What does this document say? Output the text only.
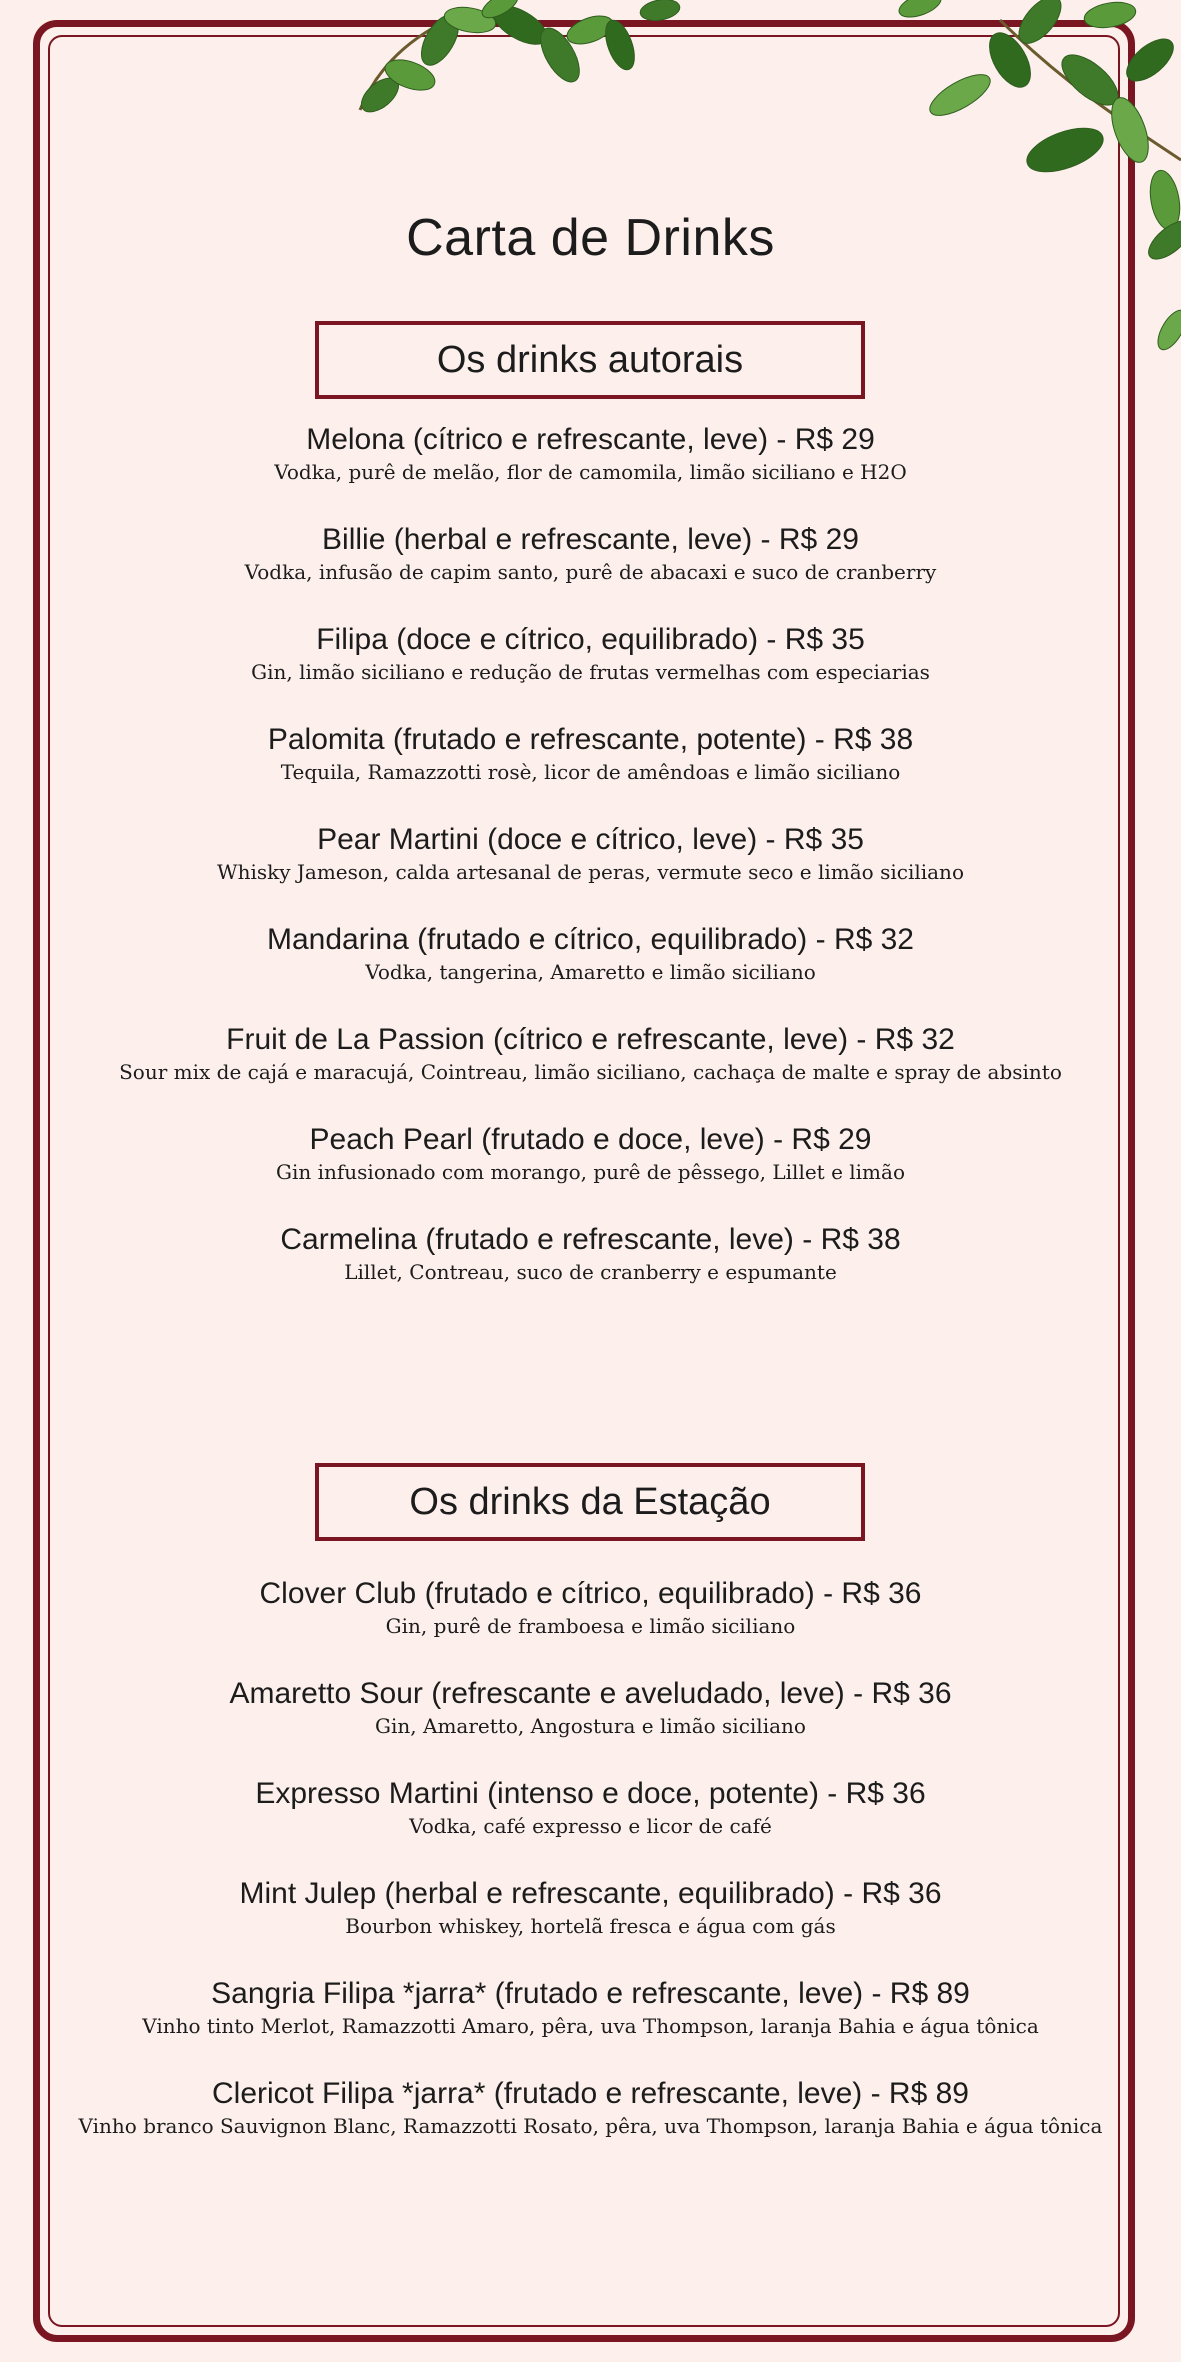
Carta de Drinks
Os drinks autorais
Melona (cítrico e refrescante, leve) - R$ 29
Vodka, purê de melão, flor de camomila, limão siciliano e H2O
Billie (herbal e refrescante, leve) - R$ 29
Vodka, infusão de capim santo, purê de abacaxi e suco de cranberry
Filipa (doce e cítrico, equilibrado) - R$ 35
Gin, limão siciliano e redução de frutas vermelhas com especiarias
Palomita (frutado e refrescante, potente) - R$ 38
Tequila, Ramazzotti rosè, licor de amêndoas e limão siciliano
Pear Martini (doce e cítrico, leve) - R$ 35
Whisky Jameson, calda artesanal de peras, vermute seco e limão siciliano
Mandarina (frutado e cítrico, equilibrado) - R$ 32
Vodka, tangerina, Amaretto e limão siciliano
Fruit de La Passion (cítrico e refrescante, leve) - R$ 32
Sour mix de cajá e maracujá, Cointreau, limão siciliano, cachaça de malte e spray de absinto
Peach Pearl (frutado e doce, leve) - R$ 29
Gin infusionado com morango, purê de pêssego, Lillet e limão
Carmelina (frutado e refrescante, leve) - R$ 38
Lillet, Contreau, suco de cranberry e espumante
Os drinks da Estação
Clover Club (frutado e cítrico, equilibrado) - R$ 36
Gin, purê de framboesa e limão siciliano
Amaretto Sour (refrescante e aveludado, leve) - R$ 36
Gin, Amaretto, Angostura e limão siciliano
Expresso Martini (intenso e doce, potente) - R$ 36
Vodka, café expresso e licor de café
Mint Julep (herbal e refrescante, equilibrado) - R$ 36
Bourbon whiskey, hortelã fresca e água com gás
Sangria Filipa *jarra* (frutado e refrescante, leve) - R$ 89
Vinho tinto Merlot, Ramazzotti Amaro, pêra, uva Thompson, laranja Bahia e água tônica
Clericot Filipa *jarra* (frutado e refrescante, leve) - R$ 89
Vinho branco Sauvignon Blanc, Ramazzotti Rosato, pêra, uva Thompson, laranja Bahia e água tônica
